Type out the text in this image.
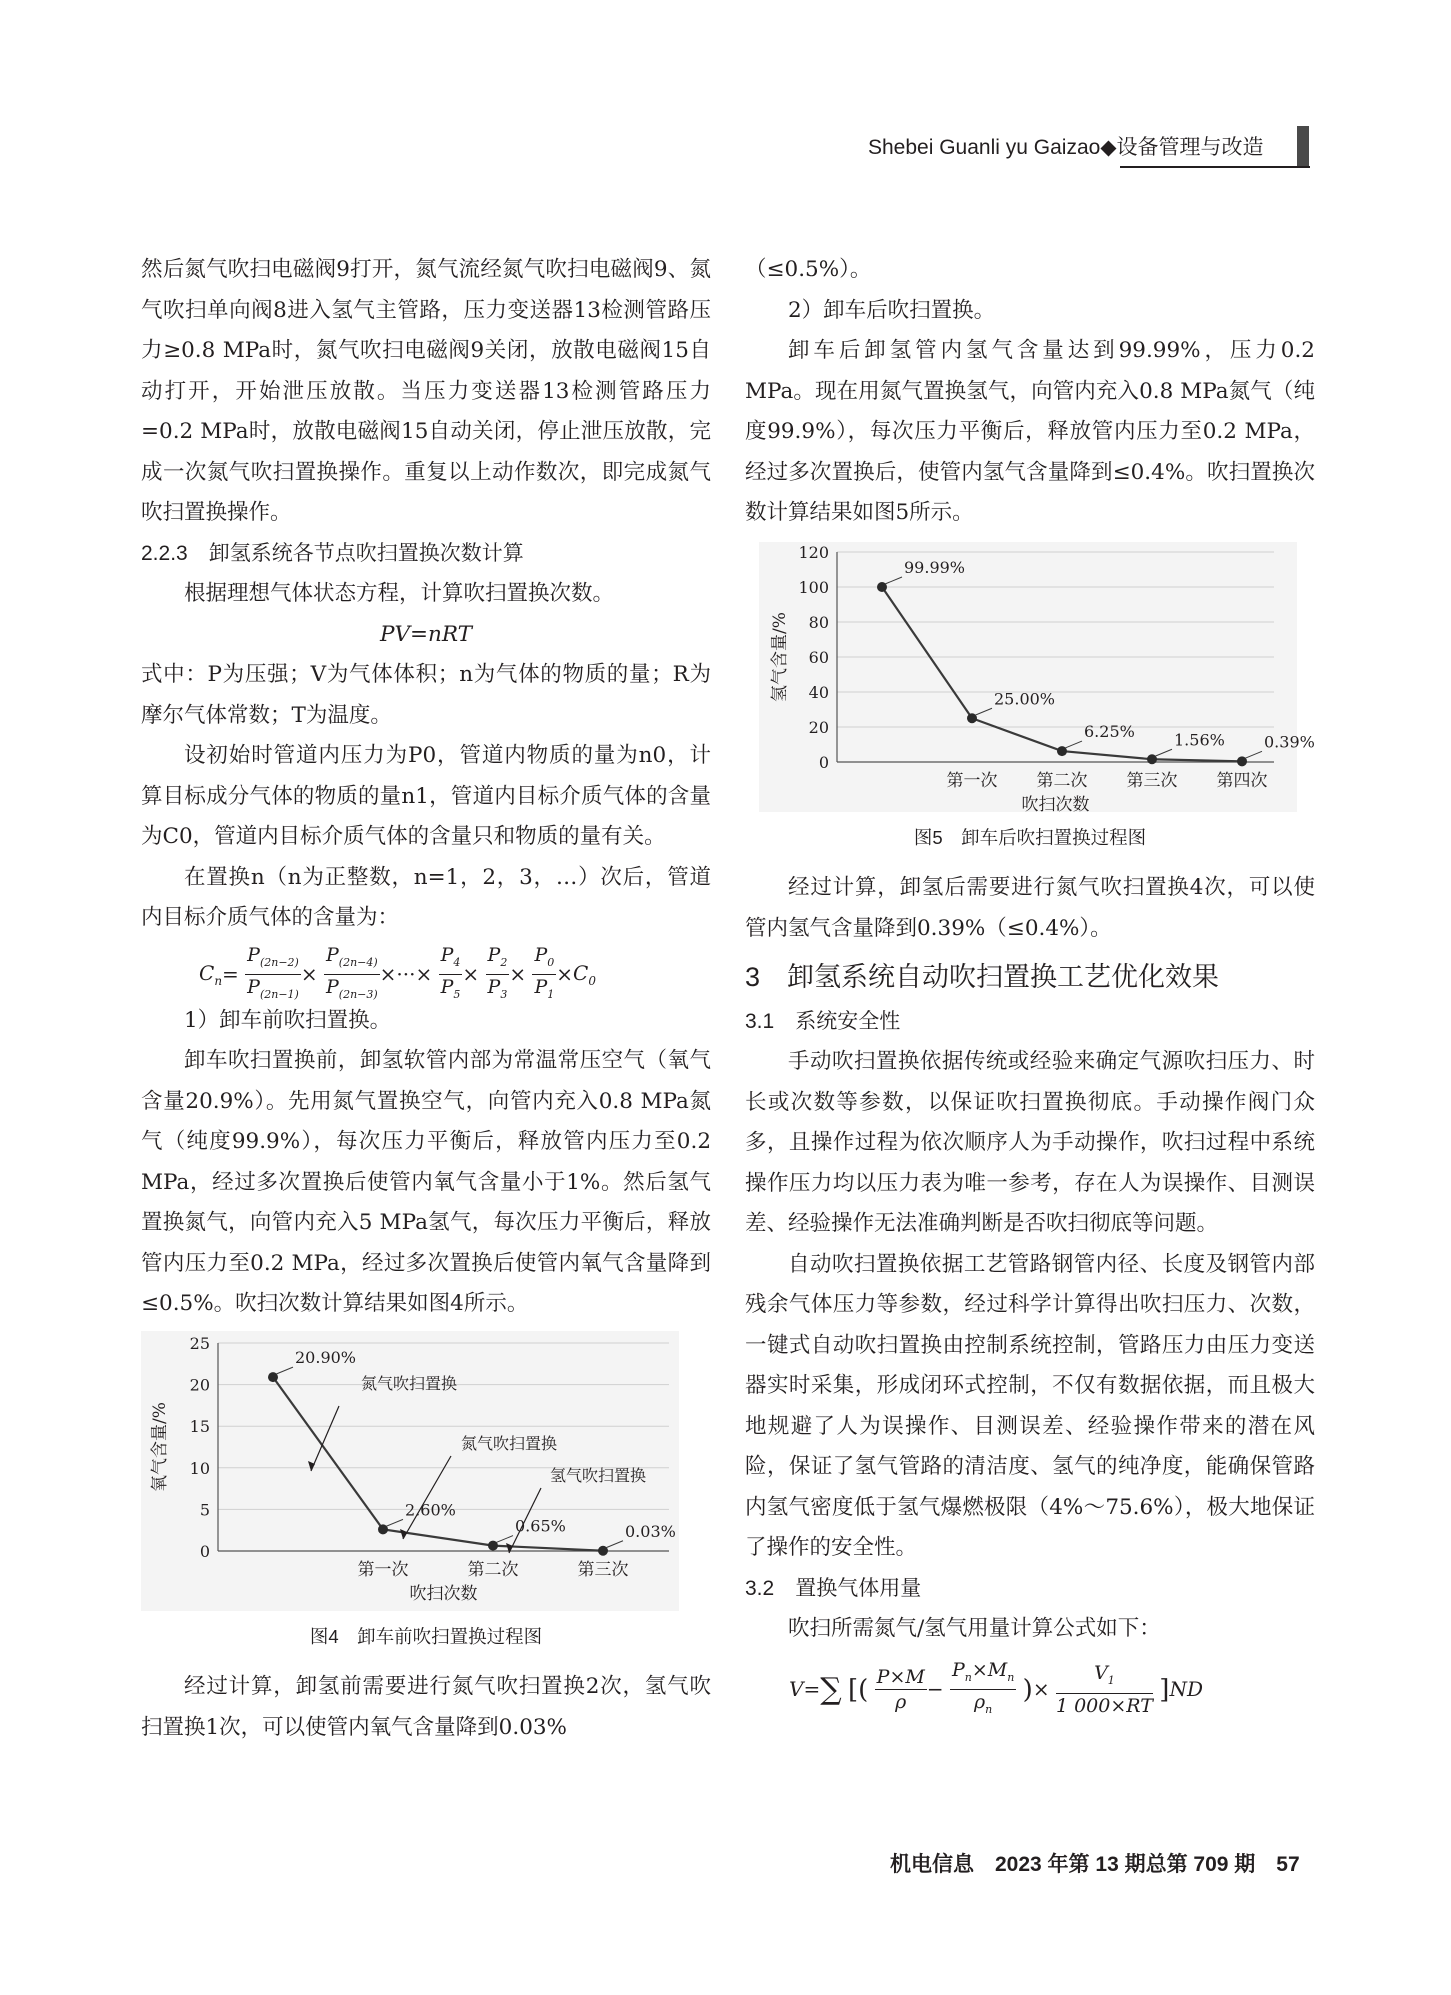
Shebei Guanli yu Gaizao◆设备管理与改造

然后氮气吹扫电磁阀9打开，氮气流经氮气吹扫电磁阀9、氮气吹扫单向阀8进入氢气主管路，压力变送器13检测管路压力≥0.8 MPa时，氮气吹扫电磁阀9关闭，放散电磁阀15自动打开，开始泄压放散。当压力变送器13检测管路压力=0.2 MPa时，放散电磁阀15自动关闭，停止泄压放散，完成一次氮气吹扫置换操作。重复以上动作数次，即完成氮气吹扫置换操作。

2.2.3　卸氢系统各节点吹扫置换次数计算

根据理想气体状态方程，计算吹扫置换次数。

PV=nRT

式中：P为压强；V为气体体积；n为气体的物质的量；R为摩尔气体常数；T为温度。

设初始时管道内压力为P0，管道内物质的量为n0，计算目标成分气体的物质的量n1，管道内目标介质气体的含量为C0，管道内目标介质气体的含量只和物质的量有关。

在置换n（n为正整数，n=1，2，3，…）次后，管道内目标介质气体的含量为：

$C_n= \frac{P_{(2n-2)}}{P_{(2n-1)}} \times \frac{P_{(2n-4)}}{P_{(2n-3)}}$ ×···× $\frac{P_4}{P_5} \times \frac{P_2}{P_3} \times \frac{P_0}{P_1} \times C_0$

1）卸车前吹扫置换。

卸车吹扫置换前，卸氢软管内部为常温常压空气（氧气含量20.9%）。先用氮气置换空气，向管内充入0.8 MPa氮气（纯度99.9%），每次压力平衡后，释放管内压力至0.2 MPa，经过多次置换后使管内氧气含量小于1%。然后氢气置换氮气，向管内充入5 MPa氢气，每次压力平衡后，释放管内压力至0.2 MPa，经过多次置换后使管内氧气含量降到≤0.5%。吹扫次数计算结果如图4所示。

0
5
10
15
20
25
第一次	第二次	第三次
吹扫次数
氧气含量/%
20.90%
2.60%
0.65%	0.03%
氮气吹扫置换
氮气吹扫置换
氢气吹扫置换
图4　卸车前吹扫置换过程图

经过计算，卸氢前需要进行氮气吹扫置换2次，氢气吹扫置换1次，可以使管内氧气含量降到0.03%

（≤0.5%）。

2）卸车后吹扫置换。

卸车后卸氢管内氢气含量达到99.99%，压力0.2 MPa。现在用氮气置换氢气，向管内充入0.8 MPa氮气（纯度99.9%），每次压力平衡后，释放管内压力至0.2 MPa，经过多次置换后，使管内氢气含量降到≤0.4%。吹扫置换次数计算结果如图5所示。

0
20
40
60
80
100
120
第一次 第二次 第三次 第四次
吹扫次数
氢气含量/%
99.99%
25.00%
6.25% 1.56% 0.39%
图5　卸车后吹扫置换过程图

经过计算，卸氢后需要进行氮气吹扫置换4次，可以使管内氢气含量降到0.39%（≤0.4%）。

3　卸氢系统自动吹扫置换工艺优化效果

3.1　系统安全性

手动吹扫置换依据传统或经验来确定气源吹扫压力、时长或次数等参数，以保证吹扫置换彻底。手动操作阀门众多，且操作过程为依次顺序人为手动操作，吹扫过程中系统操作压力均以压力表为唯一参考，存在人为误操作、目测误差、经验操作无法准确判断是否吹扫彻底等问题。

自动吹扫置换依据工艺管路钢管内径、长度及钢管内部残余气体压力等参数，经过科学计算得出吹扫压力、次数，一键式自动吹扫置换由控制系统控制，管路压力由压力变送器实时采集，形成闭环式控制，不仅有数据依据，而且极大地规避了人为误操作、目测误差、经验操作带来的潜在风险，保证了氢气管路的清洁度、氢气的纯净度，能确保管路内氢气密度低于氢气爆燃极限（4%～75.6%），极大地保证了操作的安全性。

3.2　置换气体用量

吹扫所需氮气/氢气用量计算公式如下：

V=∑ [( $\frac{P\times M}{\rho} - \frac{P_n\times M_n}{\rho_n}$ )× $\frac{V_1}{1 000\times RT} ]ND$
机电信息　2023 年第 13 期总第 709 期　57
